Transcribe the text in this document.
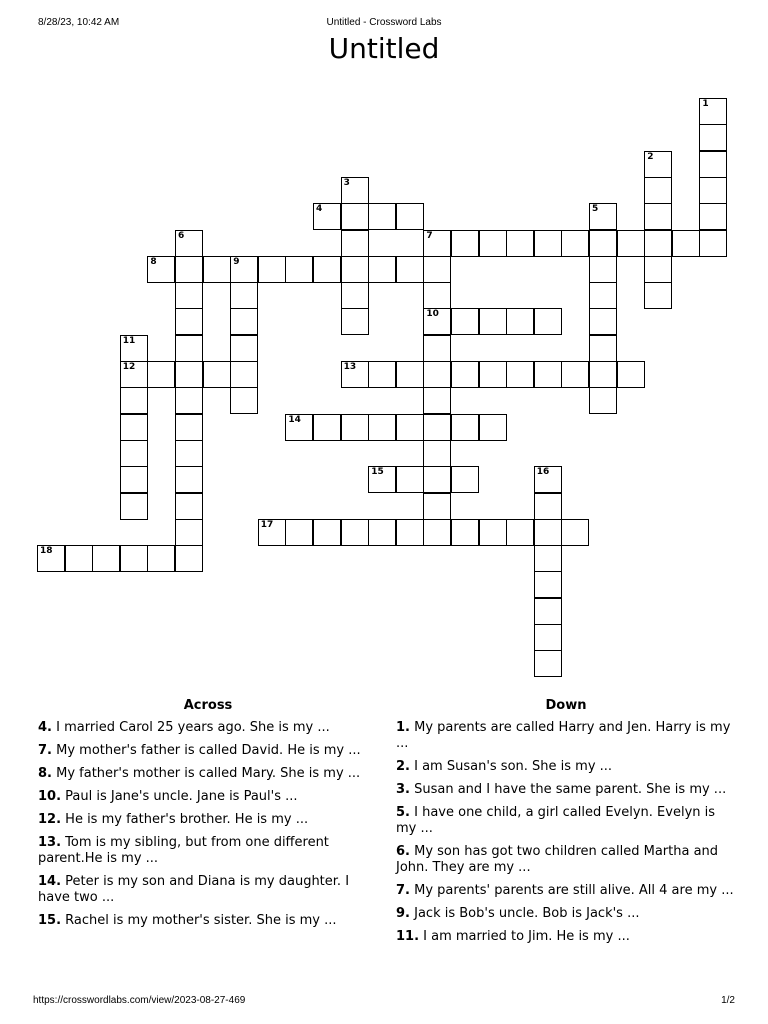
8/28/23, 10:42 AM	Untitled - Crossword Labs
Untitled
1
2
3
4	5
6	7
10
8	9
11
12	13
14
15	16
17
18
Across
4. I married Carol 25 years ago. She is my ...
7. My mother's father is called David. He is my ...
8. My father's mother is called Mary. She is my ...
10. Paul is Jane's uncle. Jane is Paul's ...
12. He is my father's brother. He is my ...
13. Tom is my sibling, but from one different parent.He is my ...
14. Peter is my son and Diana is my daughter. I have two ...
15. Rachel is my mother's sister. She is my ...
Down
1. My parents are called Harry and Jen. Harry is my ...
2. I am Susan's son. She is my ...
3. Susan and I have the same parent. She is my ...
5. I have one child, a girl called Evelyn. Evelyn is my ...
6. My son has got two children called Martha and John. They are my ...
7. My parents' parents are still alive. All 4 are my ...
9. Jack is Bob's uncle. Bob is Jack's ...
11. I am married to Jim. He is my ...
https://crosswordlabs.com/view/2023-08-27-469	1/2
